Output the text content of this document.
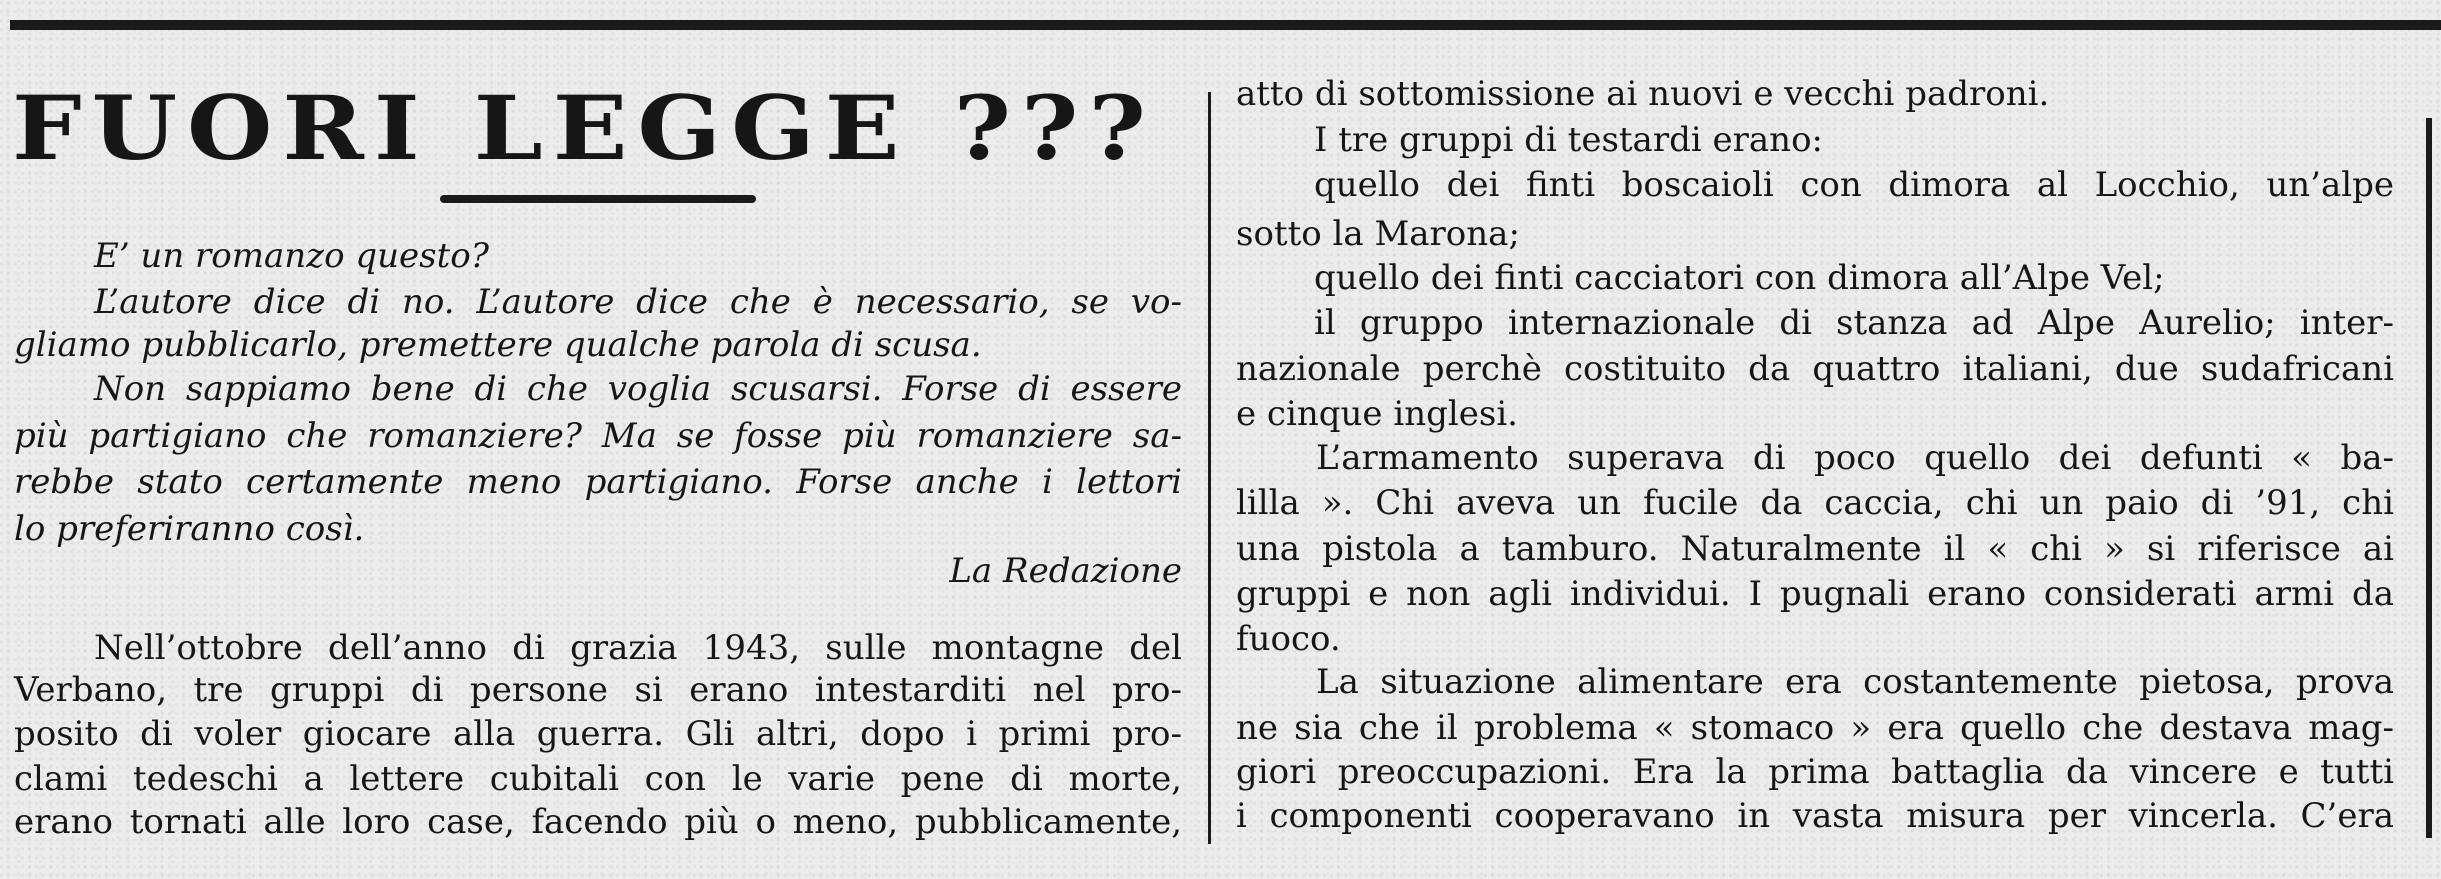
FUORI LEGGE ???
E’ un romanzo questo?
L’autore dice di no. L’autore dice che è necessario, se vo-
gliamo pubblicarlo, premettere qualche parola di scusa.
Non sappiamo bene di che voglia scusarsi. Forse di essere
più partigiano che romanziere? Ma se fosse più romanziere sa-
rebbe stato certamente meno partigiano. Forse anche i lettori
lo preferiranno così.
La Redazione
Nell’ottobre dell’anno di grazia 1943, sulle montagne del
Verbano, tre gruppi di persone si erano intestarditi nel pro-
posito di voler giocare alla guerra. Gli altri, dopo i primi pro-
clami tedeschi a lettere cubitali con le varie pene di morte,
erano tornati alle loro case, facendo più o meno, pubblicamente,
atto di sottomissione ai nuovi e vecchi padroni.
I tre gruppi di testardi erano:
quello dei finti boscaioli con dimora al Locchio, un’alpe
sotto la Marona;
quello dei finti cacciatori con dimora all’Alpe Vel;
il gruppo internazionale di stanza ad Alpe Aurelio; inter-
nazionale perchè costituito da quattro italiani, due sudafricani
e cinque inglesi.
L’armamento superava di poco quello dei defunti « ba-
lilla ». Chi aveva un fucile da caccia, chi un paio di ’91, chi
una pistola a tamburo. Naturalmente il « chi » si riferisce ai
gruppi e non agli individui. I pugnali erano considerati armi da
fuoco.
La situazione alimentare era costantemente pietosa, prova
ne sia che il problema « stomaco » era quello che destava mag-
giori preoccupazioni. Era la prima battaglia da vincere e tutti
i componenti cooperavano in vasta misura per vincerla. C’era
